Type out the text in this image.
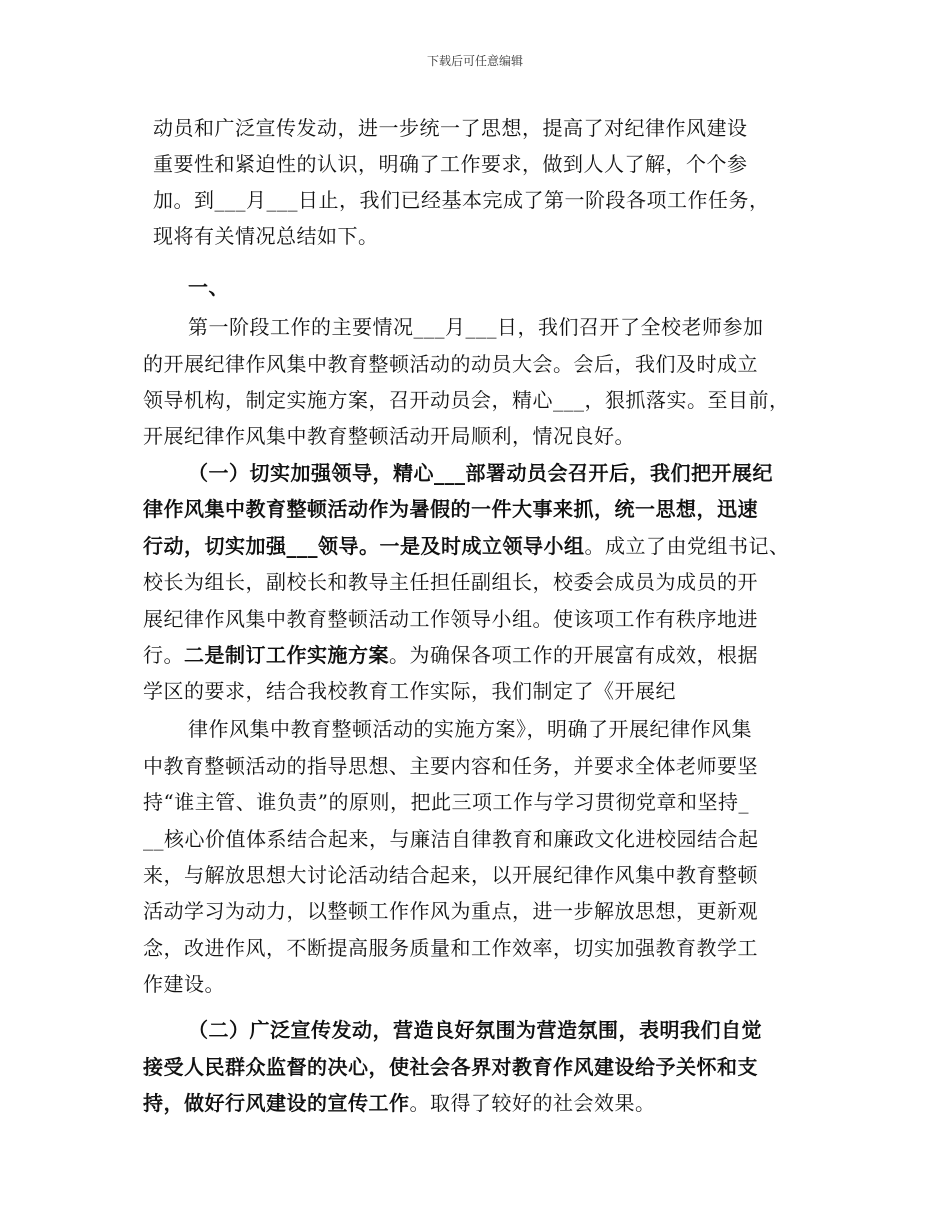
下载后可任意编辑
动员和广泛宣传发动，进一步统一了思想，提高了对纪律作风建设
重要性和紧迫性的认识，明确了工作要求，做到人人了解，个个参
加。到___月___日止，我们已经基本完成了第一阶段各项工作任务，
现将有关情况总结如下。
一、
第一阶段工作的主要情况___月___日，我们召开了全校老师参加
的开展纪律作风集中教育整顿活动的动员大会。会后，我们及时成立
领导机构，制定实施方案，召开动员会，精心___，狠抓落实。至目前，
开展纪律作风集中教育整顿活动开局顺利，情况良好。
（一）切实加强领导，精心___部署动员会召开后，我们把开展纪
律作风集中教育整顿活动作为暑假的一件大事来抓，统一思想，迅速
行动，切实加强___领导。一是及时成立领导小组。成立了由党组书记、
校长为组长，副校长和教导主任担任副组长，校委会成员为成员的开
展纪律作风集中教育整顿活动工作领导小组。使该项工作有秩序地进
行。二是制订工作实施方案。为确保各项工作的开展富有成效，根据
学区的要求，结合我校教育工作实际，我们制定了《开展纪
律作风集中教育整顿活动的实施方案》，明确了开展纪律作风集
中教育整顿活动的指导思想、主要内容和任务，并要求全体老师要坚
持“谁主管、谁负责”的原则，把此三项工作与学习贯彻党章和坚持_
__核心价值体系结合起来，与廉洁自律教育和廉政文化进校园结合起
来，与解放思想大讨论活动结合起来，以开展纪律作风集中教育整顿
活动学习为动力，以整顿工作作风为重点，进一步解放思想，更新观
念，改进作风，不断提高服务质量和工作效率，切实加强教育教学工
作建设。
（二）广泛宣传发动，营造良好氛围为营造氛围，表明我们自觉
接受人民群众监督的决心，使社会各界对教育作风建设给予关怀和支
持，做好行风建设的宣传工作。取得了较好的社会效果。
